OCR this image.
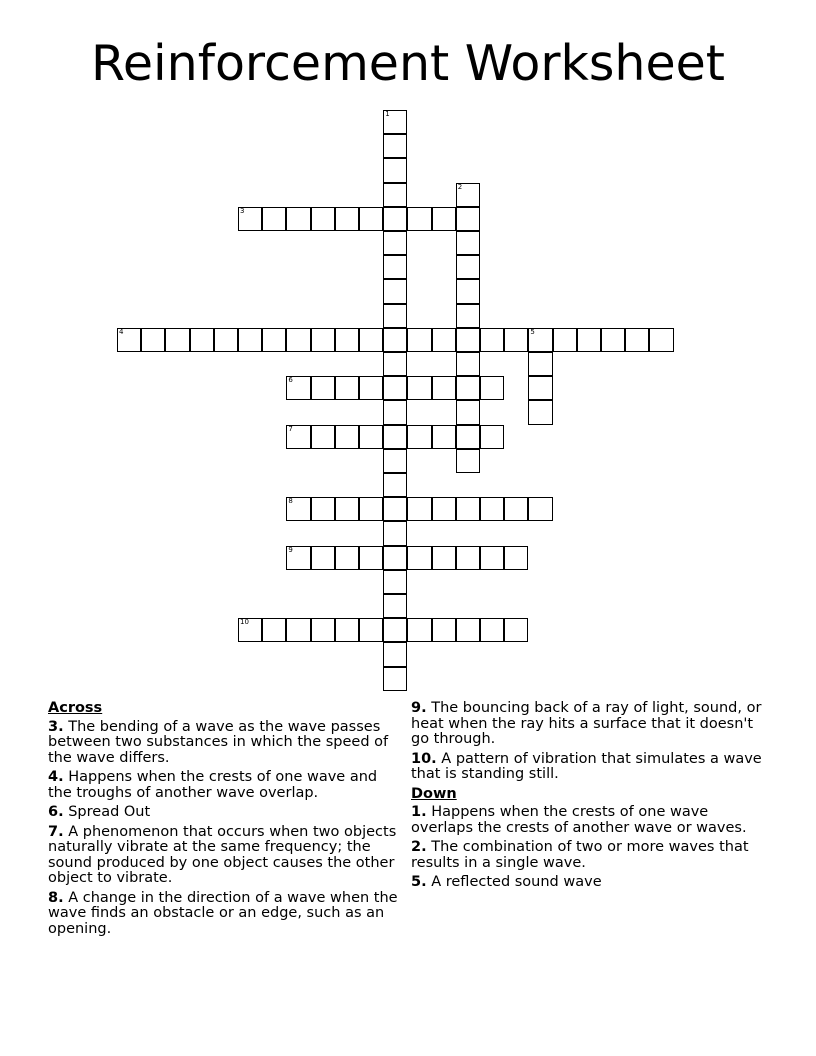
Reinforcement Worksheet
1
2
3
4	5
6
7
8
9
10
Across
3. The bending of a wave as the wave passes between two substances in which the speed of the wave differs.
4. Happens when the crests of one wave and the troughs of another wave overlap.
6. Spread Out
7. A phenomenon that occurs when two objects naturally vibrate at the same frequency; the sound produced by one object causes the other object to vibrate.
8. A change in the direction of a wave when the wave finds an obstacle or an edge, such as an opening.
9. The bouncing back of a ray of light, sound, or heat when the ray hits a surface that it doesn't go through.
10. A pattern of vibration that simulates a wave that is standing still.
Down
1. Happens when the crests of one wave overlaps the crests of another wave or waves.
2. The combination of two or more waves that results in a single wave.
5. A reflected sound wave
